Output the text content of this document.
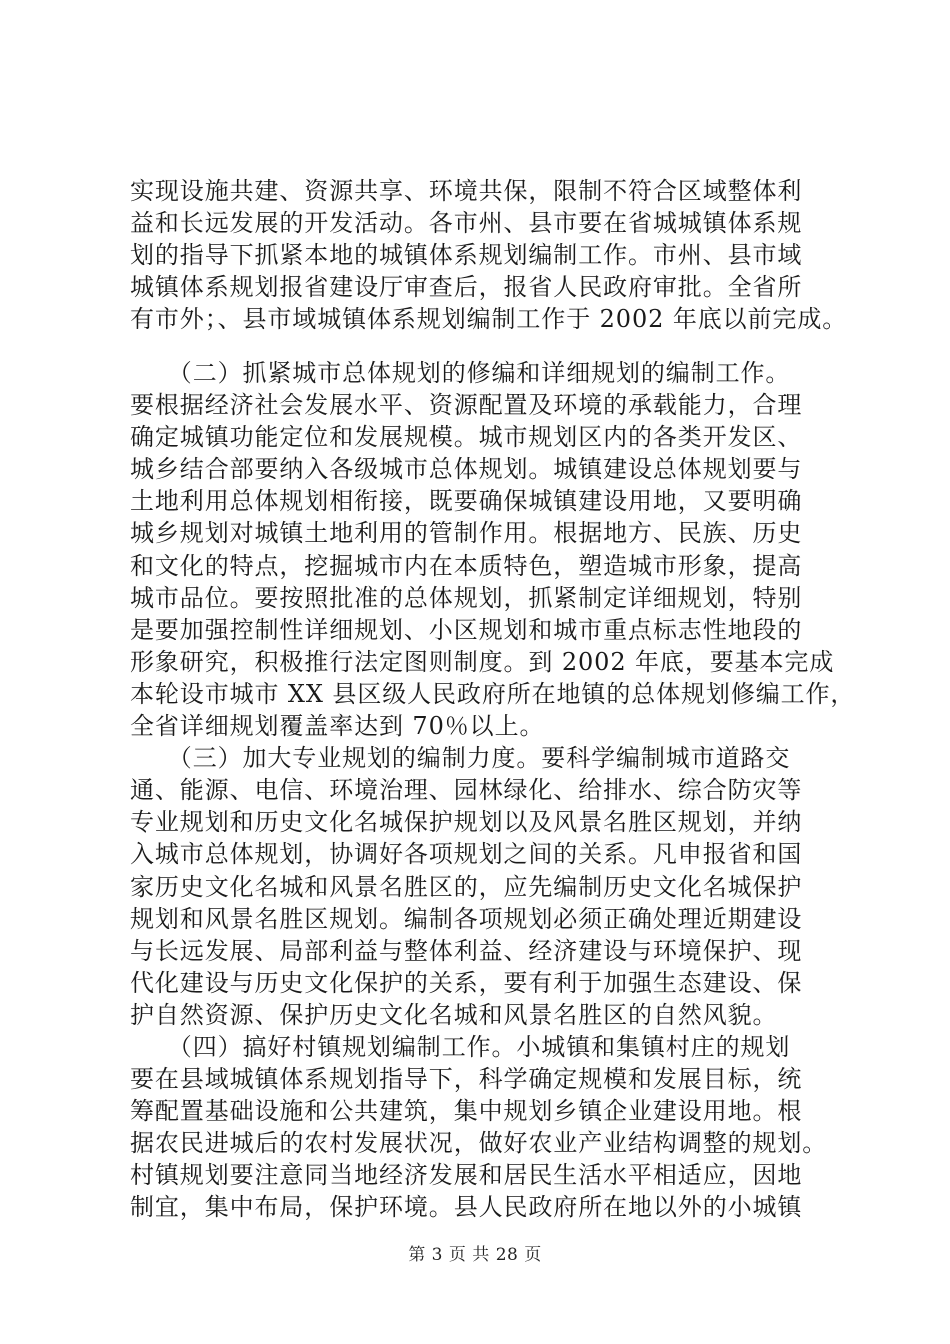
实现设施共建、资源共享、环境共保，限制不符合区域整体利
益和长远发展的开发活动。各市州、县市要在省城城镇体系规
划的指导下抓紧本地的城镇体系规划编制工作。市州、县市域
城镇体系规划报省建设厅审查后，报省人民政府审批。全省所
有市外；、县市域城镇体系规划编制工作于 2002 年底以前完成。
　　（二）抓紧城市总体规划的修编和详细规划的编制工作。
要根据经济社会发展水平、资源配置及环境的承载能力，合理
确定城镇功能定位和发展规模。城市规划区内的各类开发区、
城乡结合部要纳入各级城市总体规划。城镇建设总体规划要与
土地利用总体规划相衔接，既要确保城镇建设用地，又要明确
城乡规划对城镇土地利用的管制作用。根据地方、民族、历史
和文化的特点，挖掘城市内在本质特色，塑造城市形象，提高
城市品位。要按照批准的总体规划，抓紧制定详细规划，特别
是要加强控制性详细规划、小区规划和城市重点标志性地段的
形象研究，积极推行法定图则制度。到 2002 年底，要基本完成
本轮设市城市 XX 县区级人民政府所在地镇的总体规划修编工作，
全省详细规划覆盖率达到 70％以上。
　　（三）加大专业规划的编制力度。要科学编制城市道路交
通、能源、电信、环境治理、园林绿化、给排水、综合防灾等
专业规划和历史文化名城保护规划以及风景名胜区规划，并纳
入城市总体规划，协调好各项规划之间的关系。凡申报省和国
家历史文化名城和风景名胜区的，应先编制历史文化名城保护
规划和风景名胜区规划。编制各项规划必须正确处理近期建设
与长远发展、局部利益与整体利益、经济建设与环境保护、现
代化建设与历史文化保护的关系，要有利于加强生态建设、保
护自然资源、保护历史文化名城和风景名胜区的自然风貌。
　　（四）搞好村镇规划编制工作。小城镇和集镇村庄的规划
要在县域城镇体系规划指导下，科学确定规模和发展目标，统
筹配置基础设施和公共建筑，集中规划乡镇企业建设用地。根
据农民进城后的农村发展状况，做好农业产业结构调整的规划。
村镇规划要注意同当地经济发展和居民生活水平相适应，因地
制宜，集中布局，保护环境。县人民政府所在地以外的小城镇
第 3 页 共 28 页
